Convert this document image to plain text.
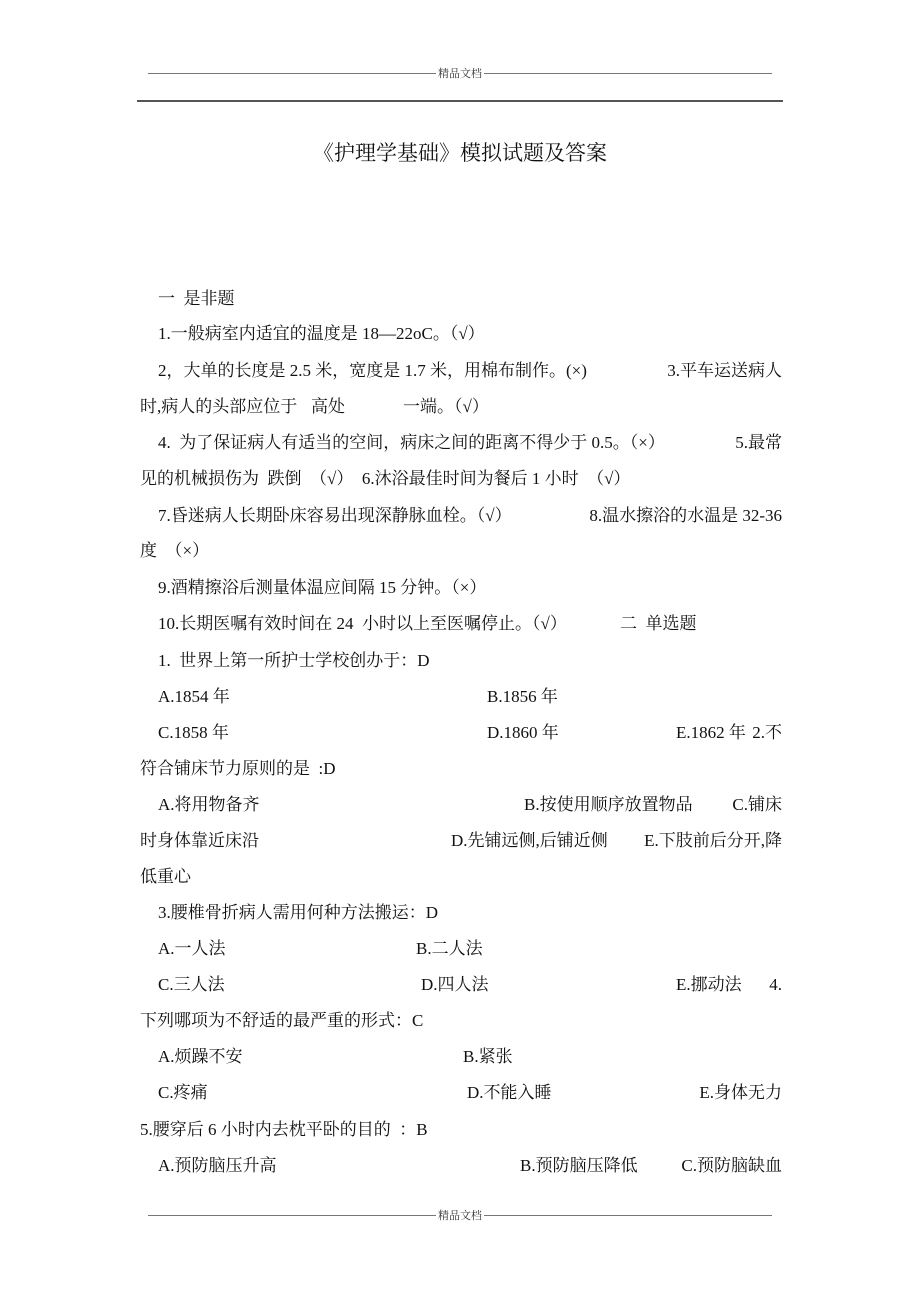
精品文档
《护理学基础》模拟试题及答案
一  是非题
1.一般病室内适宜的温度是 18—22oC。（√）
2，大单的长度是 2.5 米，宽度是 1.7 米，用棉布制作。(×)	3.平车运送病人
时,病人的头部应位于 高处	一端。（√）
4.  为了保证病人有适当的空间，病床之间的距离不得少于 0.5。（×）	5.最常
见的机械损伤为  跌倒  （√）  6.沐浴最佳时间为餐后 1 小时  （√）
7.昏迷病人长期卧床容易出现深静脉血栓。（√）	8.温水擦浴的水温是 32-36
度  （×）
9.酒精擦浴后测量体温应间隔 15 分钟。（×）
10.长期医嘱有效时间在 24  小时以上至医嘱停止。（√）	二  单选题
1.  世界上第一所护士学校创办于：D
A.1854 年	B.1856 年
C.1858 年	D.1860 年	E.1862 年 2.不
符合铺床节力原则的是  :D
A.将用物备齐	B.按使用顺序放置物品 C.铺床
时身体靠近床沿	D.先铺远侧,后铺近侧 E.下肢前后分开,降
低重心
3.腰椎骨折病人需用何种方法搬运：D
A.一人法	B.二人法
C.三人法	D.四人法	E.挪动法 4.
下列哪项为不舒适的最严重的形式：C
A.烦躁不安	B.紧张
C.疼痛	D.不能入睡	E.身体无力
5.腰穿后 6 小时内去枕平卧的目的  ：B
A.预防脑压升高	B.预防脑压降低	C.预防脑缺血
精品文档
